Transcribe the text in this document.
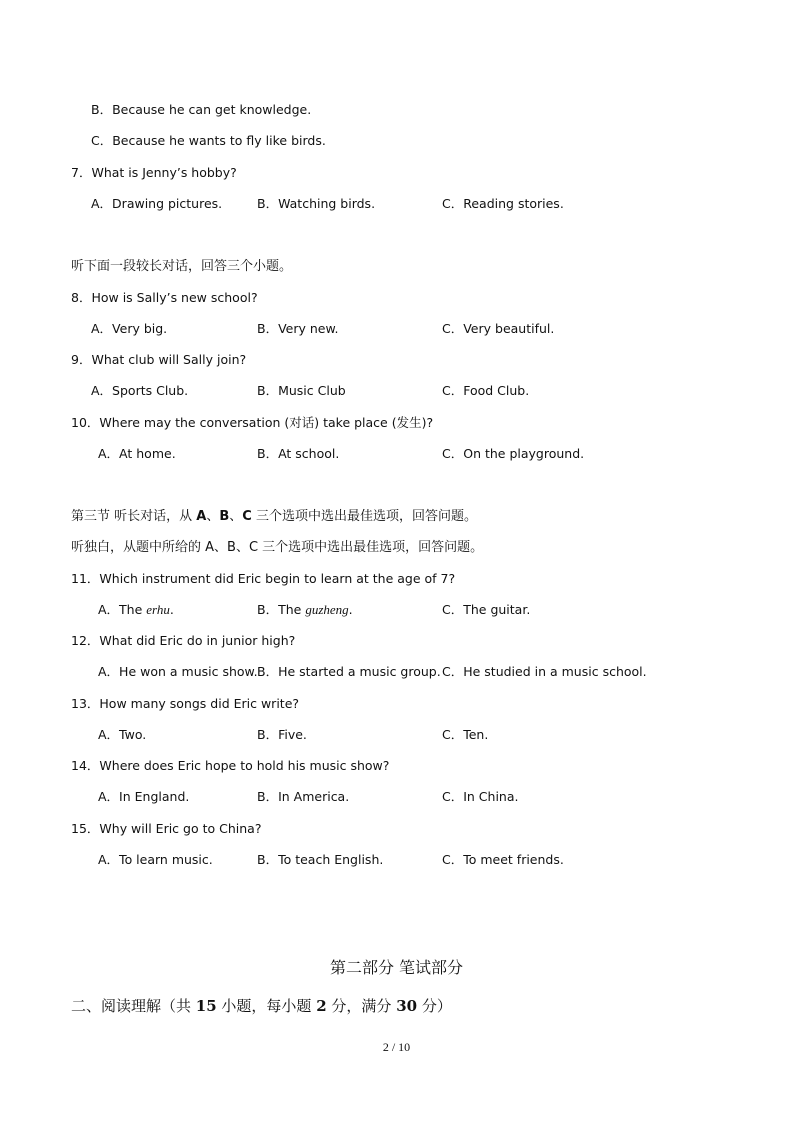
B．Because he can get knowledge.
C．Because he wants to fly like birds.
7．What is Jenny’s hobby?
A．Drawing pictures.	B．Watching birds.	C．Reading stories.
听下面一段较长对话，回答三个小题。
8．How is Sally’s new school?
A．Very big.	B．Very new.	C．Very beautiful.
9．What club will Sally join?
A．Sports Club.	B．Music Club	C．Food Club.
10．Where may the conversation (对话) take place (发生)?
A．At home.	B．At school.	C．On the playground.
第三节 听长对话，从 A、B、C 三个选项中选出最佳选项，回答问题。
听独白，从题中所给的 A、B、C 三个选项中选出最佳选项，回答问题。
11．Which instrument did Eric begin to learn at the age of 7?
A．The erhu.	B．The guzheng.	C．The guitar.
12．What did Eric do in junior high?
A．He won a music show. B．He started a music group. C．He studied in a music school.
13．How many songs did Eric write?
A．Two.	B．Five.	C．Ten.
14．Where does Eric hope to hold his music show?
A．In England.	B．In America.	C．In China.
15．Why will Eric go to China?
A．To learn music.	B．To teach English.	C．To meet friends.
第二部分 笔试部分
二、阅读理解（共 15 小题，每小题 2 分，满分 30 分）
2 / 10
